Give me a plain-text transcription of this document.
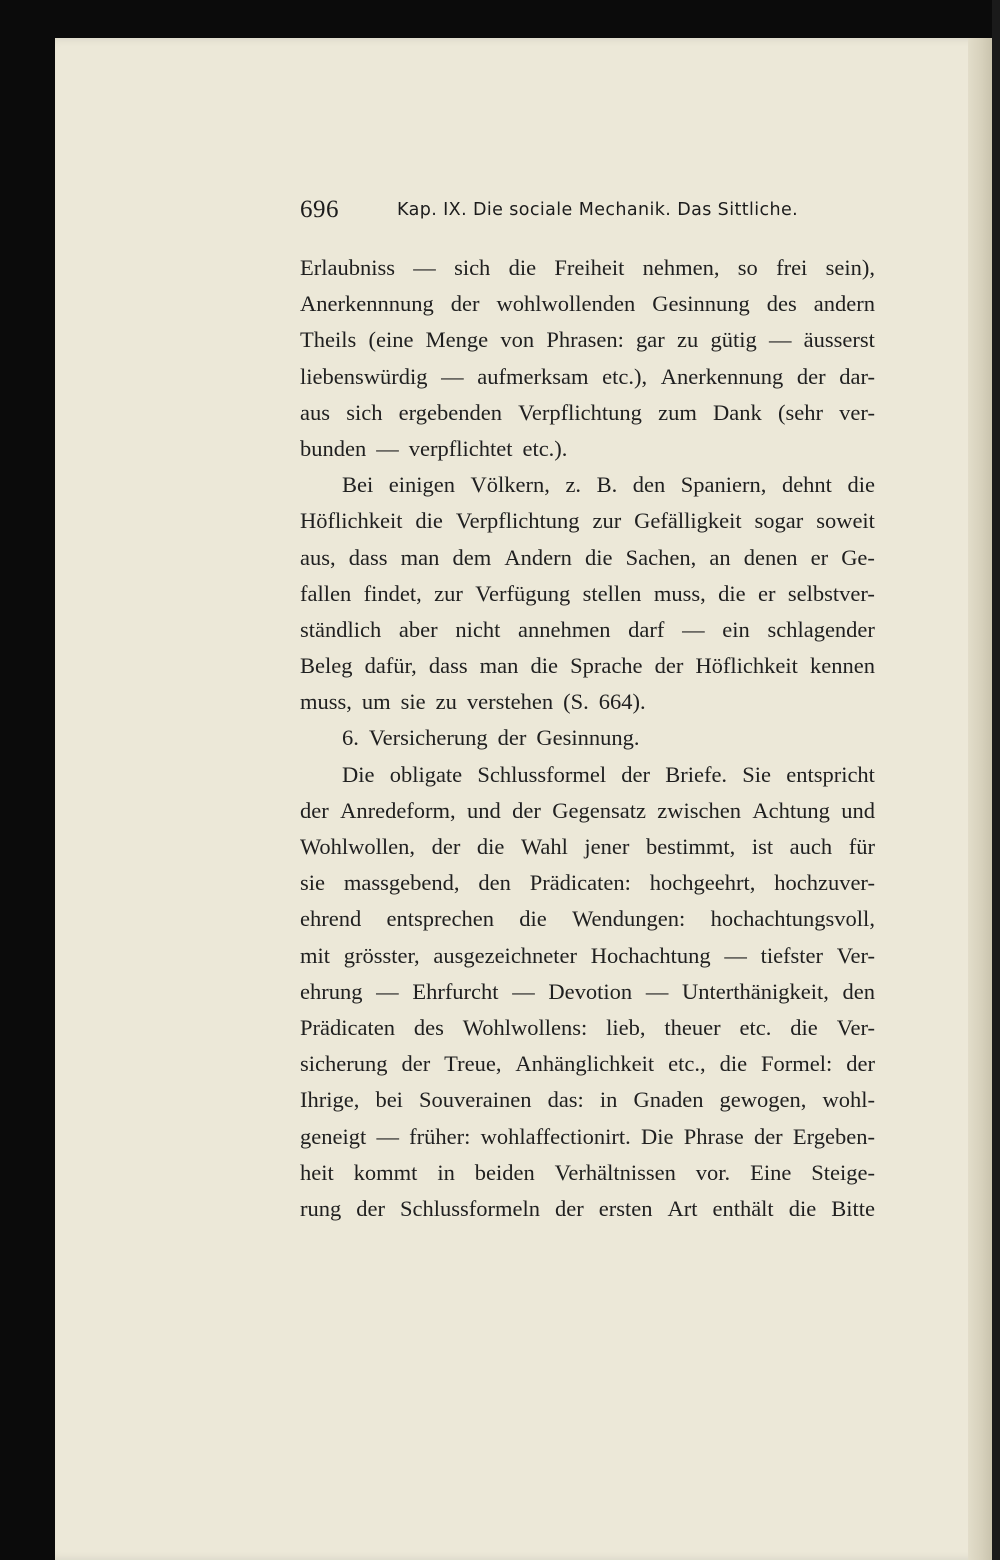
696	Kap. IX. Die sociale Mechanik. Das Sittliche.
Erlaubniss — sich die Freiheit nehmen, so frei sein),
Anerkennnung der wohlwollenden Gesinnung des andern
Theils (eine Menge von Phrasen: gar zu gütig — äusserst
liebenswürdig — aufmerksam etc.), Anerkennung der dar-
aus sich ergebenden Verpflichtung zum Dank (sehr ver-
bunden — verpflichtet etc.).
Bei einigen Völkern, z. B. den Spaniern, dehnt die
Höflichkeit die Verpflichtung zur Gefälligkeit sogar soweit
aus, dass man dem Andern die Sachen, an denen er Ge-
fallen findet, zur Verfügung stellen muss, die er selbstver-
ständlich aber nicht annehmen darf — ein schlagender
Beleg dafür, dass man die Sprache der Höflichkeit kennen
muss, um sie zu verstehen (S. 664).
6. Versicherung der Gesinnung.
Die obligate Schlussformel der Briefe. Sie entspricht
der Anredeform, und der Gegensatz zwischen Achtung und
Wohlwollen, der die Wahl jener bestimmt, ist auch für
sie massgebend, den Prädicaten: hochgeehrt, hochzuver-
ehrend entsprechen die Wendungen: hochachtungsvoll,
mit grösster, ausgezeichneter Hochachtung — tiefster Ver-
ehrung — Ehrfurcht — Devotion — Unterthänigkeit, den
Prädicaten des Wohlwollens: lieb, theuer etc. die Ver-
sicherung der Treue, Anhänglichkeit etc., die Formel: der
Ihrige, bei Souverainen das: in Gnaden gewogen, wohl-
geneigt — früher: wohlaffectionirt. Die Phrase der Ergeben-
heit kommt in beiden Verhältnissen vor. Eine Steige-
rung der Schlussformeln der ersten Art enthält die Bitte
